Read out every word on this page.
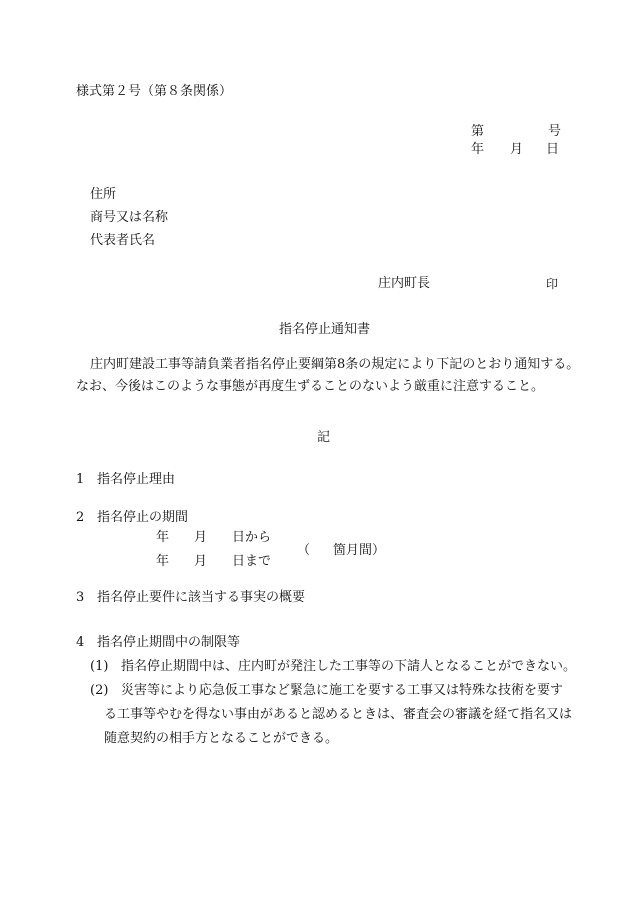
様式第２号（第８条関係）
第	号
年 月 日
住所
商号又は名称
代表者氏名
庄内町長	印
指名停止通知書
庄内町建設工事等請負業者指名停止要綱第8条の規定により下記のとおり通知する。
なお、今後はこのような事態が再度生ずることのないよう厳重に注意すること。
記
1 指名停止理由
2 指名停止の期間
年 月 日から
年 月 日まで
（ 箇月間）
3 指名停止要件に該当する事実の概要
4 指名停止期間中の制限等
(1) 指名停止期間中は、庄内町が発注した工事等の下請人となることができない。
(2) 災害等により応急仮工事など緊急に施工を要する工事又は特殊な技術を要す
る工事等やむを得ない事由があると認めるときは、審査会の審議を経て指名又は
随意契約の相手方となることができる。
